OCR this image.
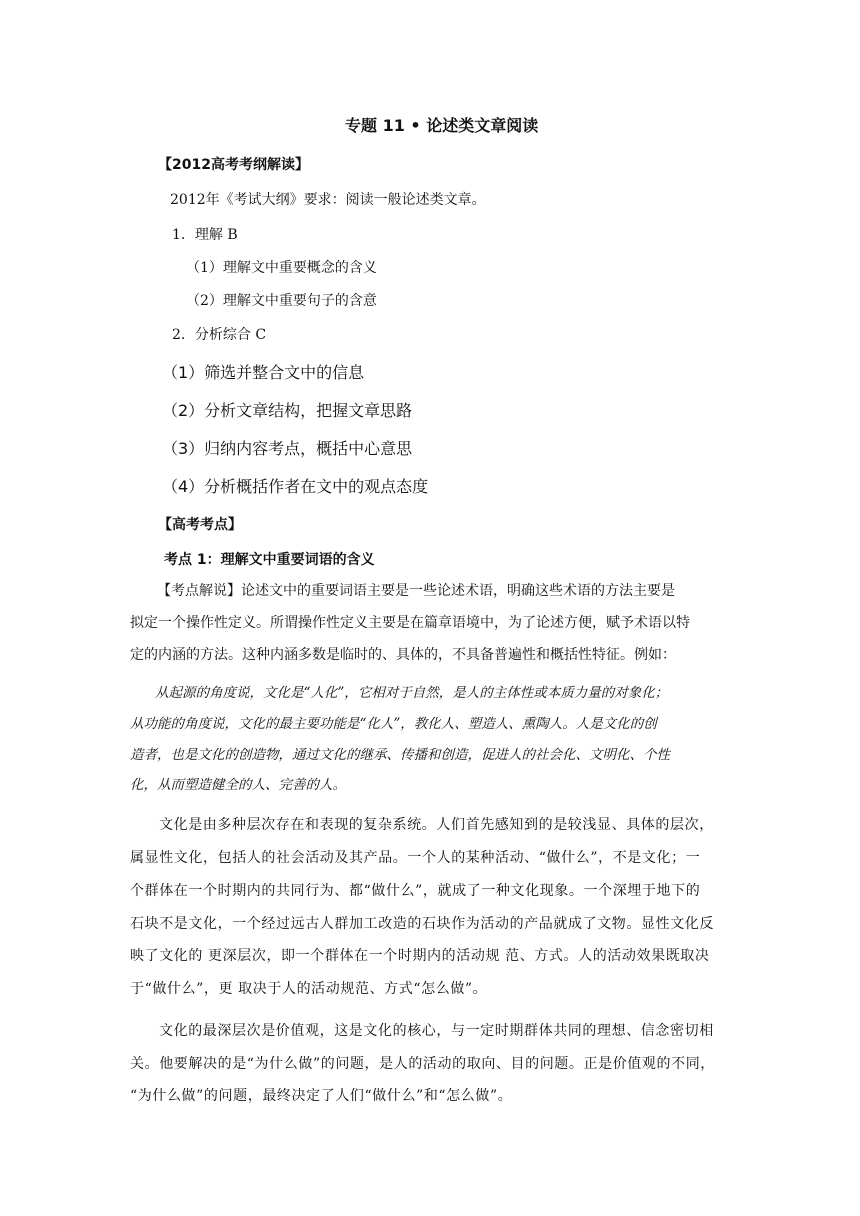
专题 11 • 论述类文章阅读
【2012高考考纲解读】
2012年《考试大纲》要求：阅读一般论述类文章。
1．理解 B
（1）理解文中重要概念的含义
（2）理解文中重要句子的含意
2．分析综合 C
（1）筛选并整合文中的信息
（2）分析文章结构，把握文章思路
（3）归纳内容考点，概括中心意思
（4）分析概括作者在文中的观点态度
【高考考点】
考点 1：理解文中重要词语的含义
【考点解说】论述文中的重要词语主要是一些论述术语，明确这些术语的方法主要是
拟定一个操作性定义。所谓操作性定义主要是在篇章语境中，为了论述方便，赋予术语以特
定的内涵的方法。这种内涵多数是临时的、具体的，不具备普遍性和概括性特征。例如：
从起源的角度说，文化是“人化”，它相对于自然，是人的主体性或本质力量的对象化；
从功能的角度说，文化的最主要功能是“化人”，教化人、塑造人、熏陶人。人是文化的创
造者，也是文化的创造物，通过文化的继承、传播和创造，促进人的社会化、文明化、个性
化，从而塑造健全的人、完善的人。
文化是由多种层次存在和表现的复杂系统。人们首先感知到的是较浅显、具体的层次，
属显性文化，包括人的社会活动及其产品。一个人的某种活动、“做什么”，不是文化；一
个群体在一个时期内的共同行为、都“做什么”，就成了一种文化现象。一个深埋于地下的
石块不是文化，一个经过远古人群加工改造的石块作为活动的产品就成了文物。显性文化反
映了文化的 更深层次，即一个群体在一个时期内的活动规 范、方式。人的活动效果既取决
于“做什么”，更 取决于人的活动规范、方式“怎么做”。
文化的最深层次是价值观，这是文化的核心，与一定时期群体共同的理想、信念密切相
关。他要解决的是“为什么做”的问题，是人的活动的取向、目的问题。正是价值观的不同，
“为什么做”的问题，最终决定了人们“做什么”和“怎么做”。
